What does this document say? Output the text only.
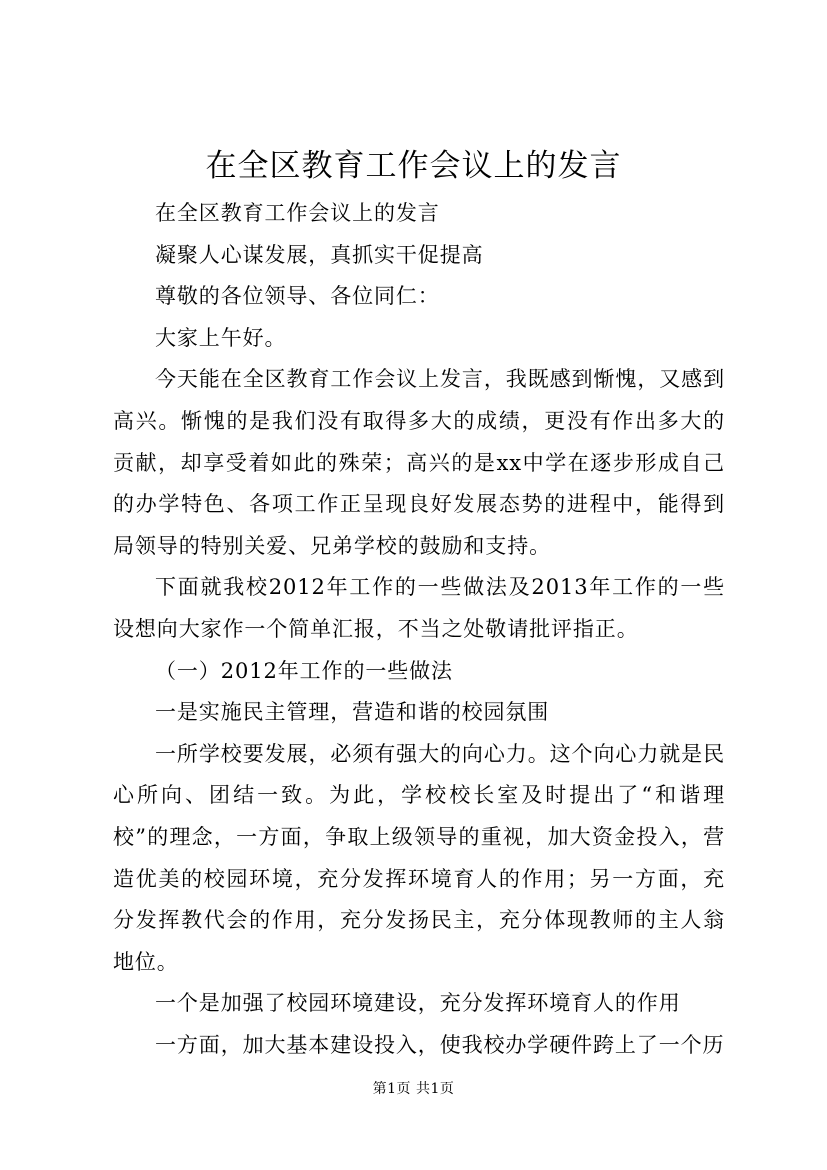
在全区教育工作会议上的发言

在全区教育工作会议上的发言

凝聚人心谋发展，真抓实干促提高

尊敬的各位领导、各位同仁：

大家上午好。

今天能在全区教育工作会议上发言，我既感到惭愧，又感到高兴。惭愧的是我们没有取得多大的成绩，更没有作出多大的贡献，却享受着如此的殊荣；高兴的是xx中学在逐步形成自己的办学特色、各项工作正呈现良好发展态势的进程中，能得到局领导的特别关爱、兄弟学校的鼓励和支持。

下面就我校2012年工作的一些做法及2013年工作的一些设想向大家作一个简单汇报，不当之处敬请批评指正。

（一）2012年工作的一些做法

一是实施民主管理，营造和谐的校园氛围

一所学校要发展，必须有强大的向心力。这个向心力就是民心所向、团结一致。为此，学校校长室及时提出了“和谐理校”的理念，一方面，争取上级领导的重视，加大资金投入，营造优美的校园环境，充分发挥环境育人的作用；另一方面，充分发挥教代会的作用，充分发扬民主，充分体现教师的主人翁地位。

一个是加强了校园环境建设，充分发挥环境育人的作用

一方面，加大基本建设投入，使我校办学硬件跨上了一个历

第1页 共1页
